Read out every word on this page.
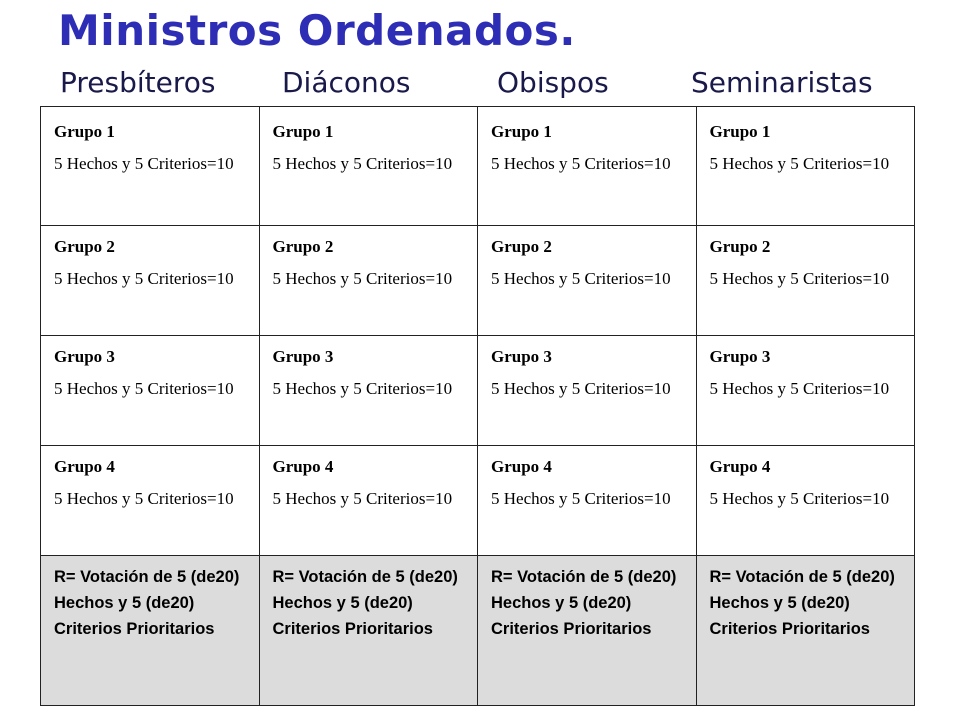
Ministros Ordenados.
Presbíteros Diáconos	Obispos	Seminaristas
Grupo 1
5 Hechos y 5 Criterios=10	Grupo 1
5 Hechos y 5 Criterios=10	Grupo 1
5 Hechos y 5 Criterios=10	Grupo 1
5 Hechos y 5 Criterios=10

Grupo 2
5 Hechos y 5 Criterios=10	Grupo 2
5 Hechos y 5 Criterios=10	Grupo 2
5 Hechos y 5 Criterios=10	Grupo 2
5 Hechos y 5 Criterios=10

Grupo 3
5 Hechos y 5 Criterios=10	Grupo 3
5 Hechos y 5 Criterios=10	Grupo 3
5 Hechos y 5 Criterios=10	Grupo 3
5 Hechos y 5 Criterios=10

Grupo 4
5 Hechos y 5 Criterios=10	Grupo 4
5 Hechos y 5 Criterios=10	Grupo 4
5 Hechos y 5 Criterios=10	Grupo 4
5 Hechos y 5 Criterios=10

R= Votación de 5 (de20) Hechos y 5 (de20) Criterios Prioritarios	R= Votación de 5 (de20) Hechos y 5 (de20) Criterios Prioritarios	R= Votación de 5 (de20) Hechos y 5 (de20) Criterios Prioritarios	R= Votación de 5 (de20) Hechos y 5 (de20) Criterios Prioritarios
